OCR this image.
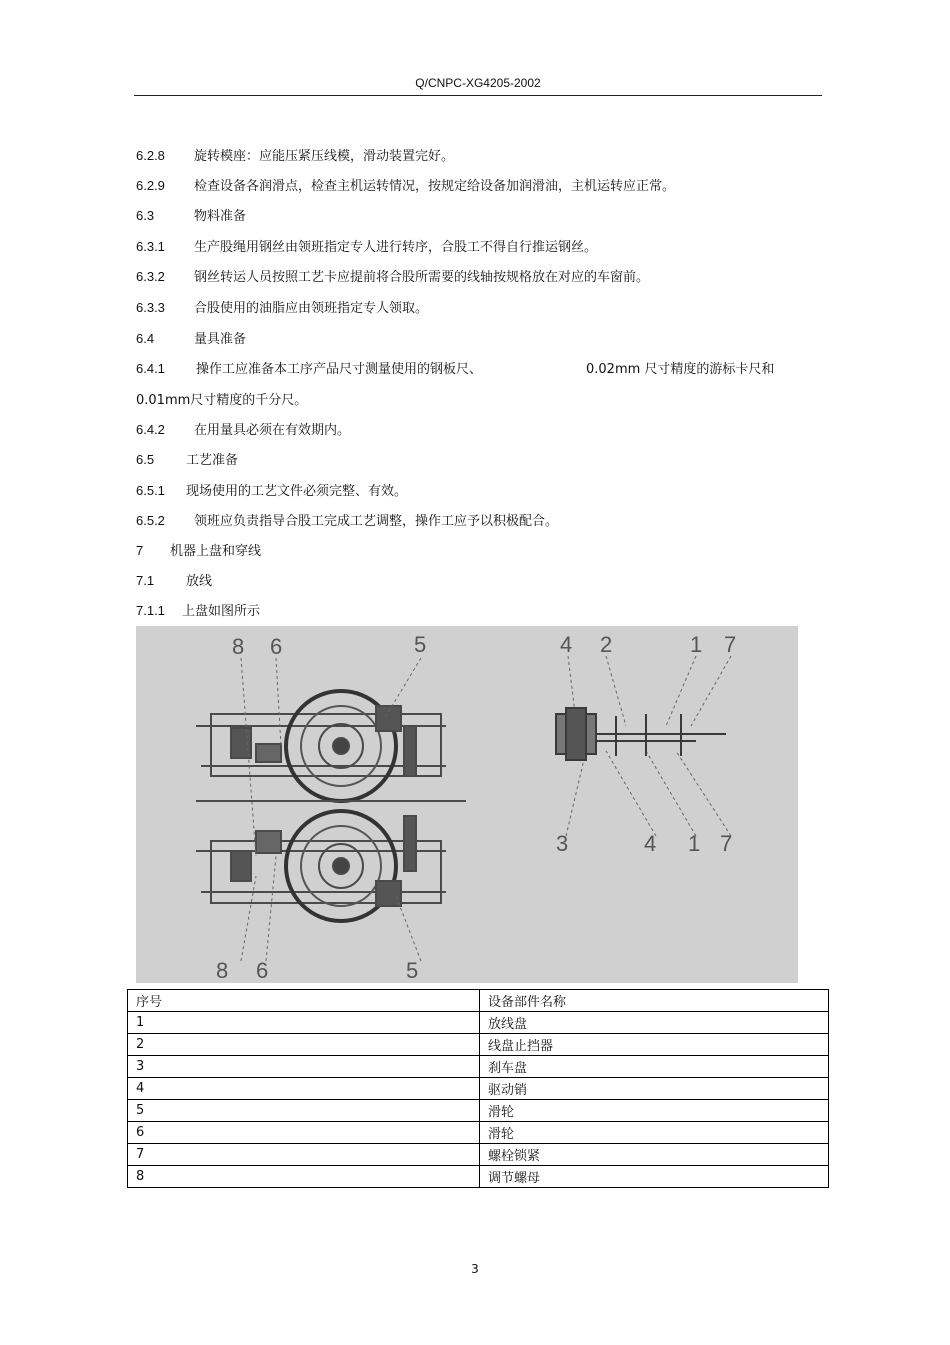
Q/CNPC-XG4205-2002
6.2.8 旋转模座：应能压紧压线模，滑动装置完好。
6.2.9 检查设备各润滑点，检查主机运转情况，按规定给设备加润滑油，主机运转应正常。
6.3	物料准备
6.3.1 生产股绳用钢丝由领班指定专人进行转序，合股工不得自行推运钢丝。
6.3.2 钢丝转运人员按照工艺卡应提前将合股所需要的线轴按规格放在对应的车窗前。
6.3.3 合股使用的油脂应由领班指定专人领取。
6.4	量具准备
6.4.1 操作工应准备本工序产品尺寸测量使用的钢板尺、	0.02mm 尺寸精度的游标卡尺和
0.01mm尺寸精度的千分尺。
6.4.2 在用量具必须在有效期内。
6.5 工艺准备
6.5.1 现场使用的工艺文件必须完整、有效。
6.5.2 领班应负责指导合股工完成工艺调整，操作工应予以积极配合。
7 机器上盘和穿线
7.1 放线
7.1.1 上盘如图所示
8 6	5
8 6	5
4 2	1 7
3	4 1 7
序号	设备部件名称
1	放线盘
2	线盘止挡器
3	刹车盘
4	驱动销
5	滑轮
6	滑轮
7	螺栓锁紧
8	调节螺母
3
